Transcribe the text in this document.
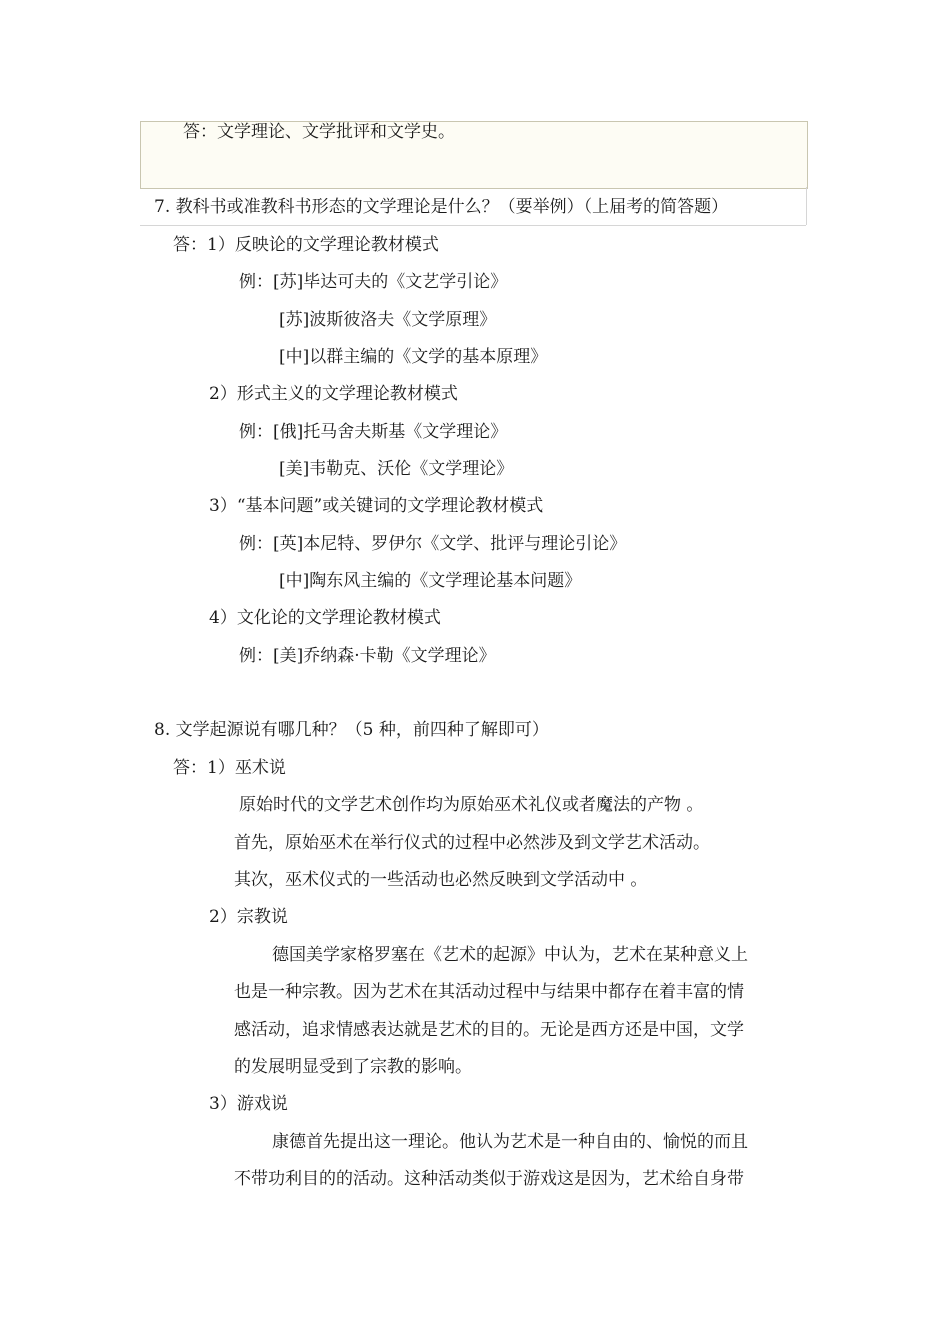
答：文学理论、文学批评和文学史。
7. 教科书或准教科书形态的文学理论是什么？（要举例）（上届考的简答题）
答：1）反映论的文学理论教材模式
例：[苏]毕达可夫的《文艺学引论》
[苏]波斯彼洛夫《文学原理》
[中]以群主编的《文学的基本原理》
2）形式主义的文学理论教材模式
例：[俄]托马舍夫斯基《文学理论》
[美]韦勒克、沃伦《文学理论》
3）“基本问题”或关键词的文学理论教材模式
例：[英]本尼特、罗伊尔《文学、批评与理论引论》
[中]陶东风主编的《文学理论基本问题》
4）文化论的文学理论教材模式
例：[美]乔纳森·卡勒《文学理论》
8. 文学起源说有哪几种？（5 种，前四种了解即可）
答：1）巫术说
原始时代的文学艺术创作均为原始巫术礼仪或者魔法的产物 。
首先，原始巫术在举行仪式的过程中必然涉及到文学艺术活动。
其次，巫术仪式的一些活动也必然反映到文学活动中 。
2）宗教说
德国美学家格罗塞在《艺术的起源》中认为，艺术在某种意义上
也是一种宗教。因为艺术在其活动过程中与结果中都存在着丰富的情
感活动，追求情感表达就是艺术的目的。无论是西方还是中国，文学
的发展明显受到了宗教的影响。
3）游戏说
康德首先提出这一理论。他认为艺术是一种自由的、愉悦的而且
不带功利目的的活动。这种活动类似于游戏这是因为，艺术给自身带
